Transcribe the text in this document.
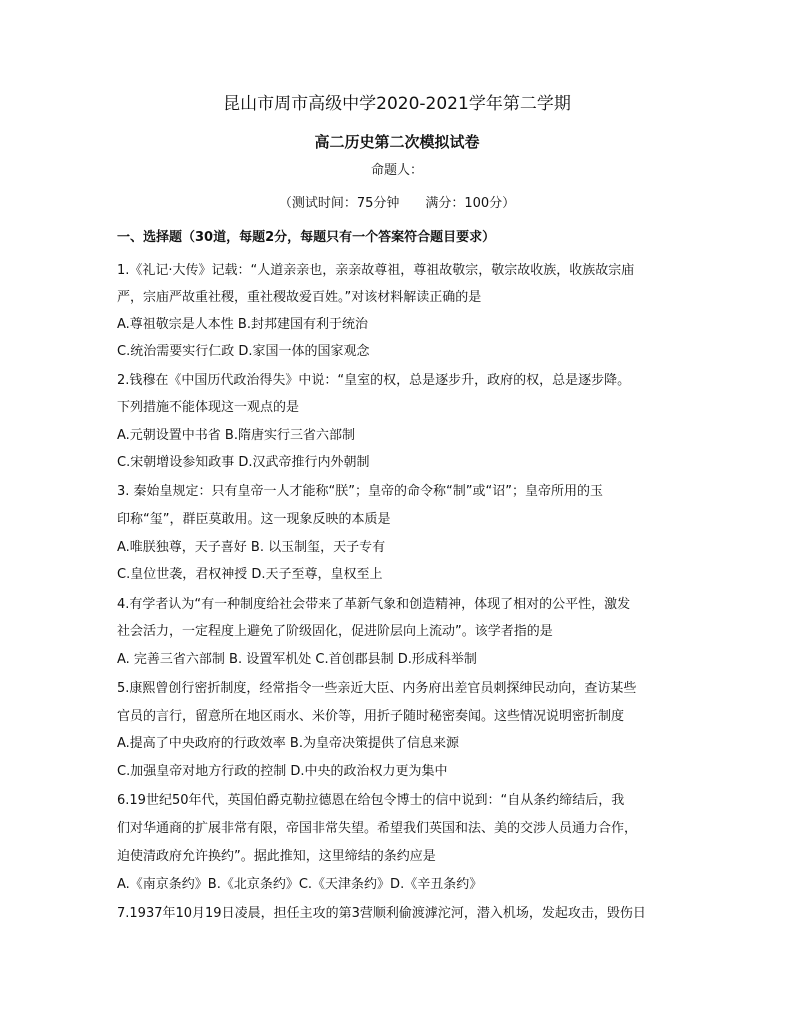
昆山市周市高级中学2020-2021学年第二学期
高二历史第二次模拟试卷
命题人：
（测试时间：75分钟　　满分：100分）
一、选择题（30道，每题2分，每题只有一个答案符合题目要求）
1.《礼记·大传》记载：“人道亲亲也，亲亲故尊祖，尊祖故敬宗，敬宗故收族，收族故宗庙
严，宗庙严故重社稷，重社稷故爱百姓。”对该材料解读正确的是
A.尊祖敬宗是人本性 B.封邦建国有利于统治
C.统治需要实行仁政 D.家国一体的国家观念
2.钱穆在《中国历代政治得失》中说：“皇室的权，总是逐步升，政府的权，总是逐步降。
下列措施不能体现这一观点的是
A.元朝设置中书省 B.隋唐实行三省六部制
C.宋朝增设参知政事 D.汉武帝推行内外朝制
3. 秦始皇规定：只有皇帝一人才能称“朕”；皇帝的命令称“制”或“诏”；皇帝所用的玉
印称“玺”，群臣莫敢用。这一现象反映的本质是
A.唯朕独尊，天子喜好 B. 以玉制玺，天子专有
C.皇位世袭，君权神授 D.天子至尊，皇权至上
4.有学者认为“有一种制度给社会带来了革新气象和创造精神，体现了相对的公平性，激发
社会活力，一定程度上避免了阶级固化，促进阶层向上流动”。该学者指的是
A. 完善三省六部制 B. 设置军机处 C.首创郡县制 D.形成科举制
5.康熙曾创行密折制度，经常指令一些亲近大臣、内务府出差官员刺探绅民动向，查访某些
官员的言行，留意所在地区雨水、米价等，用折子随时秘密奏闻。这些情况说明密折制度
A.提高了中央政府的行政效率 B.为皇帝决策提供了信息来源
C.加强皇帝对地方行政的控制 D.中央的政治权力更为集中
6.19世纪50年代，英国伯爵克勒拉德恩在给包令博士的信中说到：“自从条约缔结后，我
们对华通商的扩展非常有限，帝国非常失望。希望我们英国和法、美的交涉人员通力合作，
迫使清政府允许换约”。据此推知，这里缔结的条约应是
A.《南京条约》B.《北京条约》C.《天津条约》D.《辛丑条约》
7.1937年10月19日凌晨，担任主攻的第3营顺利偷渡滹沱河，潜入机场，发起攻击，毁伤日
